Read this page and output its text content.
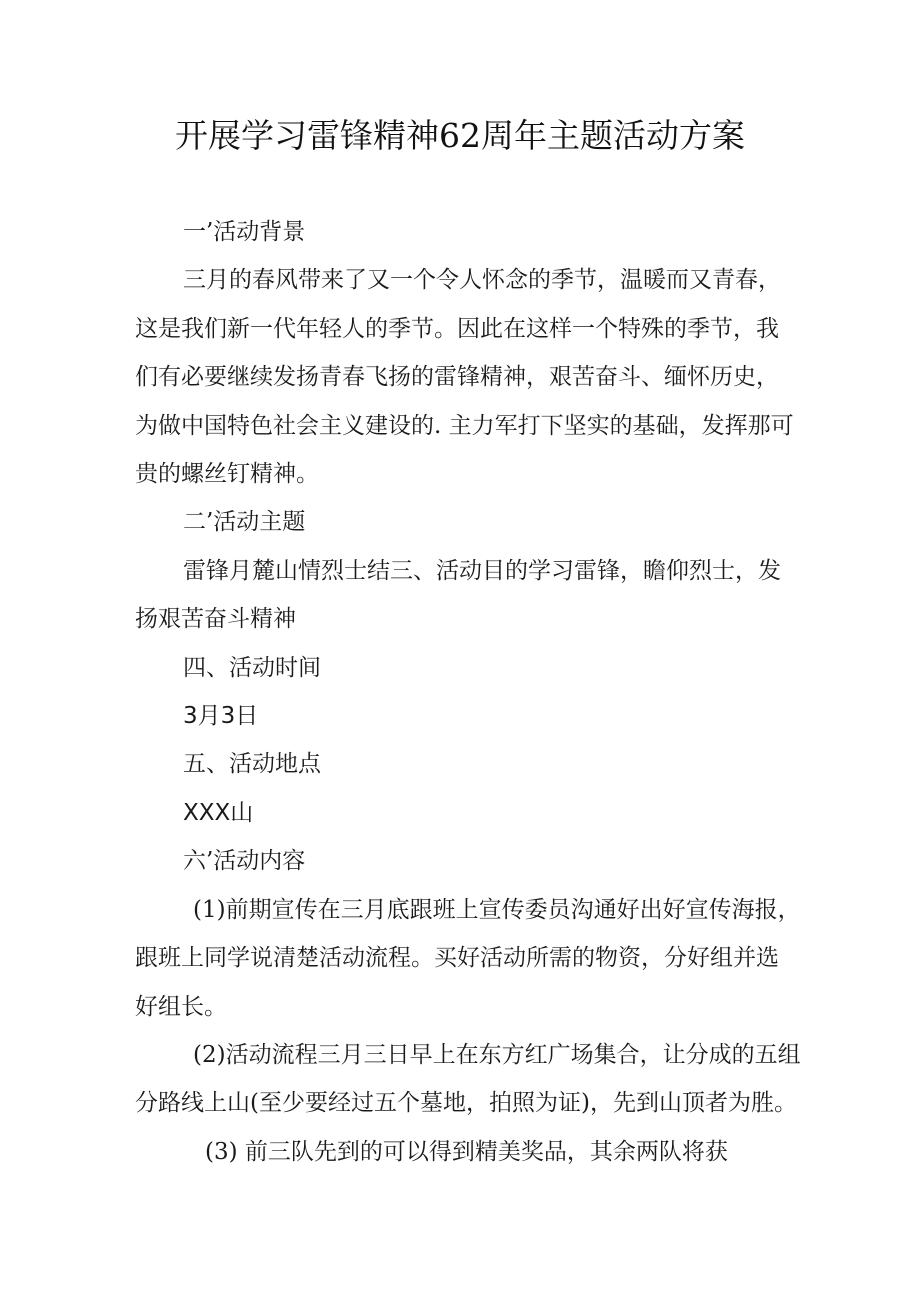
开展学习雷锋精神62周年主题活动方案
一’活动背景
三月的春风带来了又一个令人怀念的季节，温暖而又青春，
这是我们新一代年轻人的季节。因此在这样一个特殊的季节，我
们有必要继续发扬青春飞扬的雷锋精神，艰苦奋斗、缅怀历史，
为做中国特色社会主义建设的. 主力军打下坚实的基础，发挥那可
贵的螺丝钉精神。
二’活动主题
雷锋月麓山情烈士结三、活动目的学习雷锋，瞻仰烈士，发
扬艰苦奋斗精神
四、活动时间
3月3日
五、活动地点
XXX山
六’活动内容
(1)前期宣传在三月底跟班上宣传委员沟通好出好宣传海报，
跟班上同学说清楚活动流程。买好活动所需的物资，分好组并选
好组长。
(2)活动流程三月三日早上在东方红广场集合，让分成的五组
分路线上山(至少要经过五个墓地，拍照为证)，先到山顶者为胜。
(3) 前三队先到的可以得到精美奖品，其余两队将获
